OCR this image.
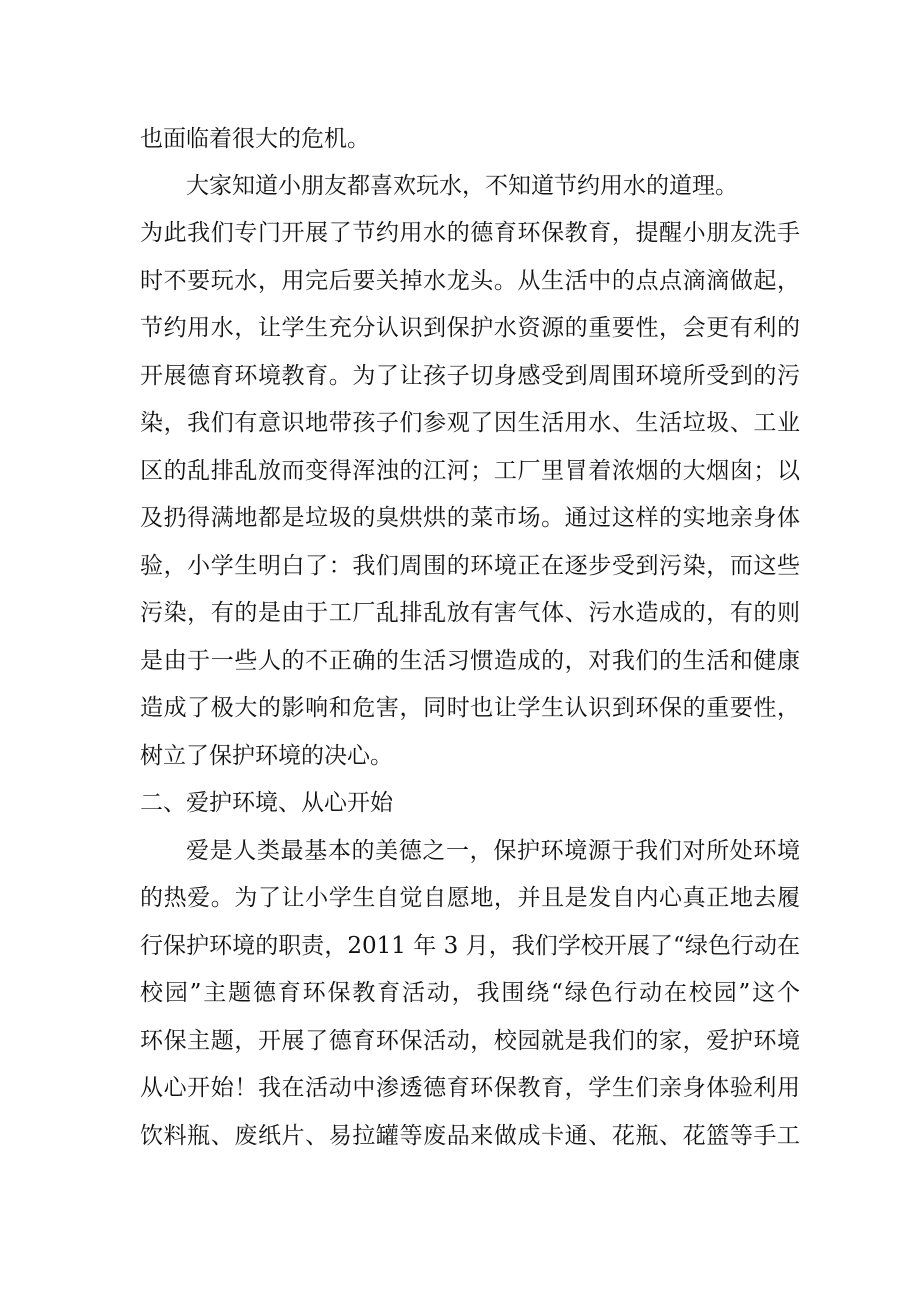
也面临着很大的危机。
大家知道小朋友都喜欢玩水，不知道节约用水的道理。
为此我们专门开展了节约用水的德育环保教育，提醒小朋友洗手
时不要玩水，用完后要关掉水龙头。从生活中的点点滴滴做起，
节约用水，让学生充分认识到保护水资源的重要性，会更有利的
开展德育环境教育。为了让孩子切身感受到周围环境所受到的污
染，我们有意识地带孩子们参观了因生活用水、生活垃圾、工业
区的乱排乱放而变得浑浊的江河；工厂里冒着浓烟的大烟囱；以
及扔得满地都是垃圾的臭烘烘的菜市场。通过这样的实地亲身体
验，小学生明白了：我们周围的环境正在逐步受到污染，而这些
污染，有的是由于工厂乱排乱放有害气体、污水造成的，有的则
是由于一些人的不正确的生活习惯造成的，对我们的生活和健康
造成了极大的影响和危害，同时也让学生认识到环保的重要性，
树立了保护环境的决心。
二、爱护环境、从心开始
爱是人类最基本的美德之一，保护环境源于我们对所处环境
的热爱。为了让小学生自觉自愿地，并且是发自内心真正地去履
行保护环境的职责，2011 年 3 月，我们学校开展了“绿色行动在
校园”主题德育环保教育活动，我围绕“绿色行动在校园”这个
环保主题，开展了德育环保活动，校园就是我们的家，爱护环境
从心开始！我在活动中渗透德育环保教育，学生们亲身体验利用
饮料瓶、废纸片、易拉罐等废品来做成卡通、花瓶、花篮等手工
